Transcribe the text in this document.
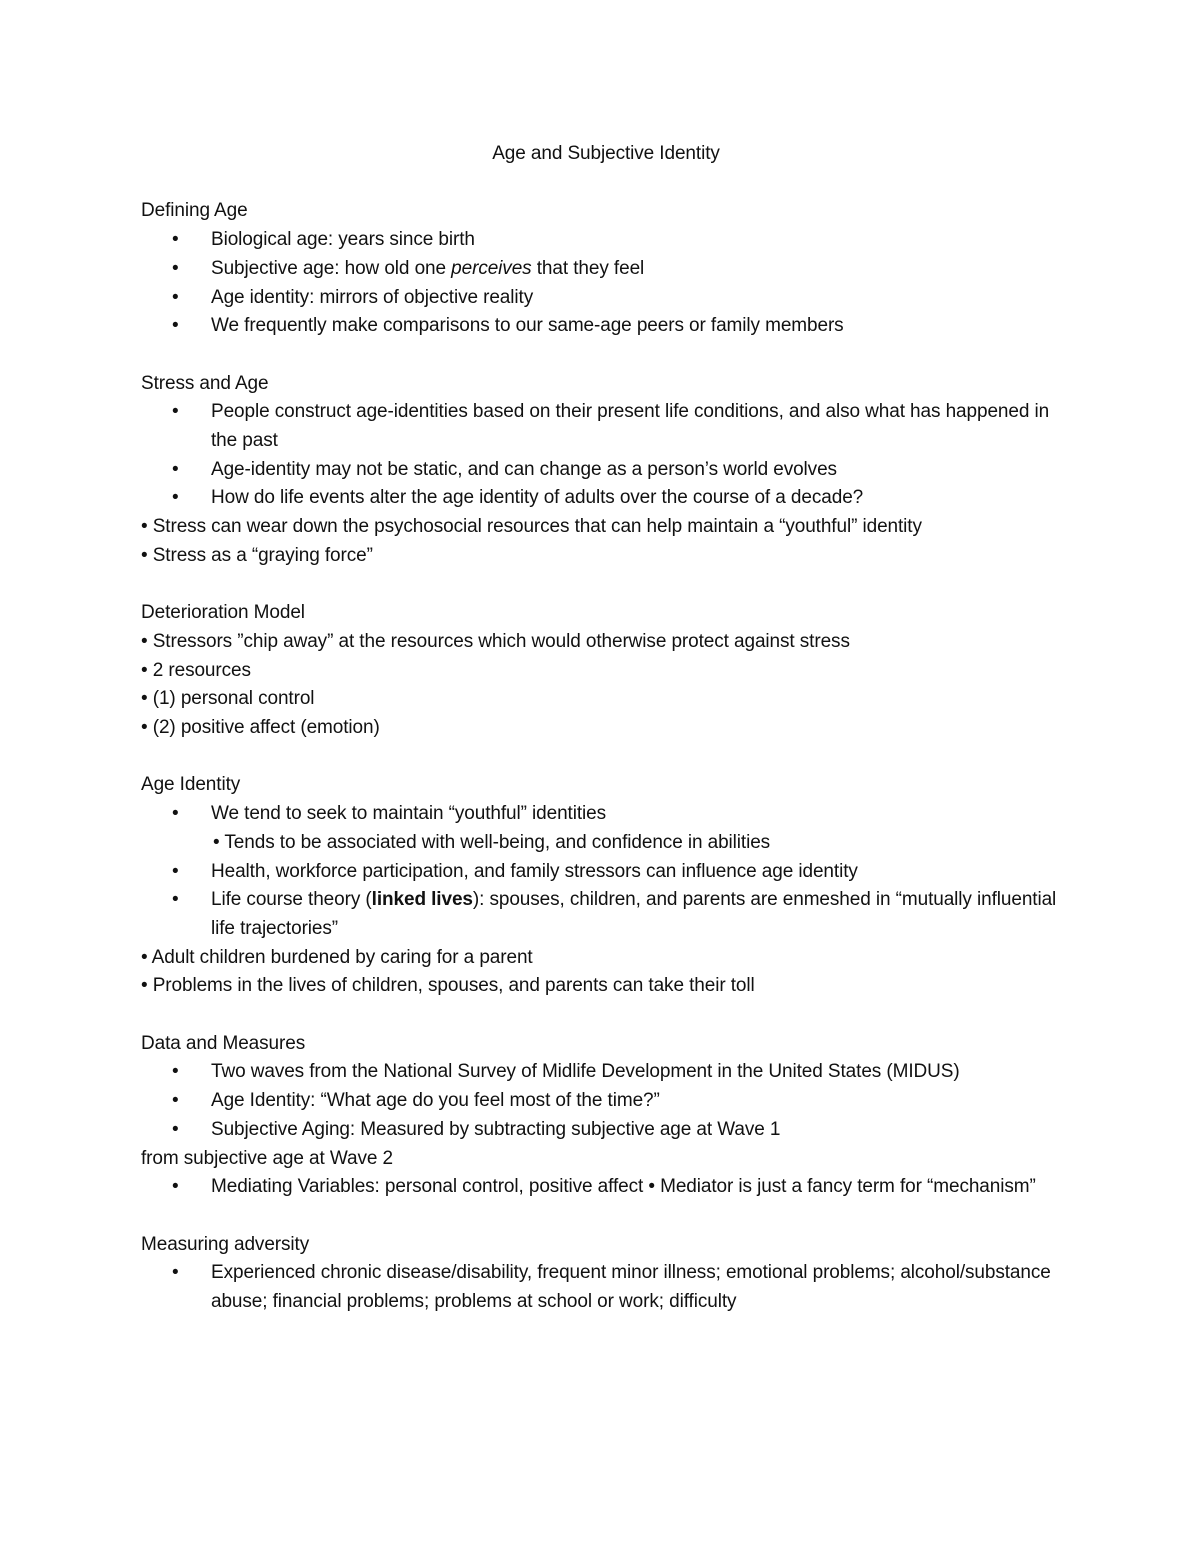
Age and Subjective Identity
Defining Age
• Biological age: years since birth
• Subjective age: how old one perceives that they feel
• Age identity: mirrors of objective reality
• We frequently make comparisons to our same-age peers or family members
Stress and Age
• People construct age-identities based on their present life conditions, and also what has happened in the past
• Age-identity may not be static, and can change as a person’s world evolves
• How do life events alter the age identity of adults over the course of a decade?
• Stress can wear down the psychosocial resources that can help maintain a “youthful” identity
• Stress as a “graying force”
Deterioration Model
• Stressors ”chip away” at the resources which would otherwise protect against stress
• 2 resources
• (1) personal control
• (2) positive affect (emotion)
Age Identity
• We tend to seek to maintain “youthful” identities
• Tends to be associated with well-being, and confidence in abilities
• Health, workforce participation, and family stressors can influence age identity
• Life course theory (linked lives): spouses, children, and parents are enmeshed in “mutually influential life trajectories”
• Adult children burdened by caring for a parent
• Problems in the lives of children, spouses, and parents can take their toll
Data and Measures
• Two waves from the National Survey of Midlife Development in the United States (MIDUS)
• Age Identity: “What age do you feel most of the time?”
• Subjective Aging: Measured by subtracting subjective age at Wave 1
from subjective age at Wave 2
• Mediating Variables: personal control, positive affect • Mediator is just a fancy term for “mechanism”
Measuring adversity
• Experienced chronic disease/disability, frequent minor illness; emotional problems; alcohol/substance abuse; financial problems; problems at school or work; difficulty
